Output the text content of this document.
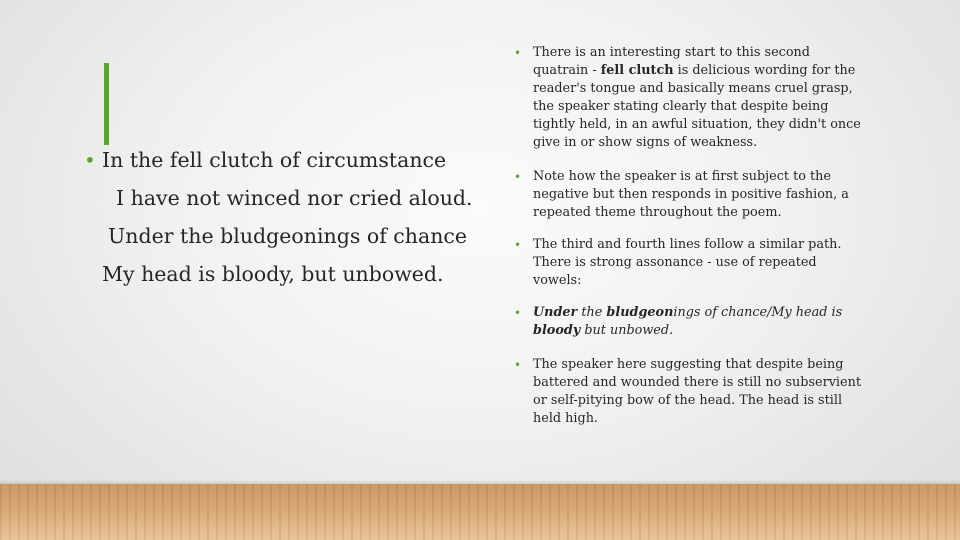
• In the fell clutch of circumstance

I have not winced nor cried aloud.

Under the bludgeonings of chance

My head is bloody, but unbowed.

• There is an interesting start to this second quatrain - fell clutch is delicious wording for the reader's tongue and basically means cruel grasp, the speaker stating clearly that despite being tightly held, in an awful situation, they didn't once give in or show signs of weakness.
• Note how the speaker is at first subject to the negative but then responds in positive fashion, a repeated theme throughout the poem.
• The third and fourth lines follow a similar path. There is strong assonance - use of repeated vowels:
• Under the bludgeonings of chance/My head is bloody but unbowed.
• The speaker here suggesting that despite being battered and wounded there is still no subservient or self-pitying bow of the head. The head is still held high.
